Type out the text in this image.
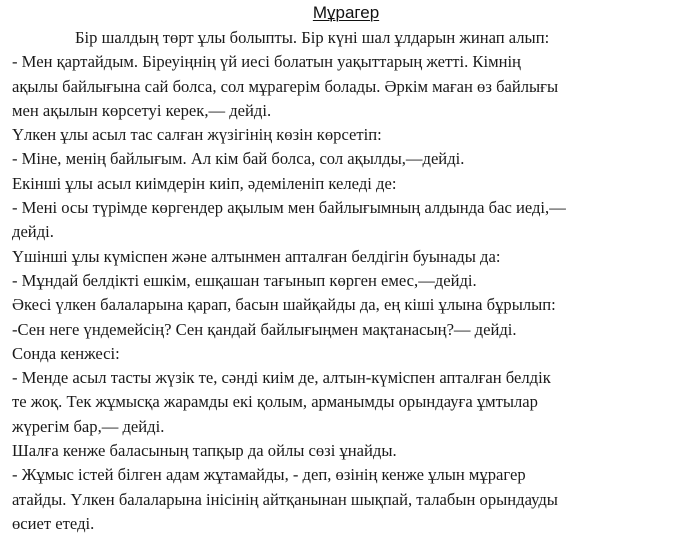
Мұрагер
Бір шалдың төрт ұлы болыпты. Бір күні шал ұлдарын жинап алып:
- Мен қартайдым. Біреуіңнің үй иесі болатын уақыттарың жетті. Кімнің
ақылы байлығына сай болса, сол мұрагерім болады. Әркім маған өз байлығы
мен ақылын көрсетуі керек,— дейді.
Үлкен ұлы асыл тас салған жүзігінің көзін көрсетіп:
- Міне, менің байлығым. Ал кім бай болса, сол ақылды,—дейді.
Екінші ұлы асыл киімдерін киіп, әдеміленіп келеді де:
- Мені осы түрімде көргендер ақылым мен байлығымның алдында бас иеді,—
дейді.
Үшінші ұлы күміспен және алтынмен апталған белдігін буынады да:
- Мұндай белдікті ешкім, ешқашан тағынып көрген емес,—дейді.
Әкесі үлкен балаларына қарап, басын шайқайды да, ең кіші ұлына бұрылып:
-Сен неге үндемейсің? Сен қандай байлығыңмен мақтанасың?— дейді.
Сонда кенжесі:
- Менде асыл тасты жүзік те, сәнді киім де, алтын-күміспен апталған белдік
те жоқ. Тек жұмысқа жарамды екі қолым, арманымды орындауға ұмтылар
жүрегім бар,— дейді.
Шалға кенже баласының тапқыр да ойлы сөзі ұнайды.
- Жұмыс істей білген адам жұтамайды, - деп, өзінің кенже ұлын мұрагер
атайды. Үлкен балаларына інісінің айтқанынан шықпай, талабын орындауды
өсиет етеді.
